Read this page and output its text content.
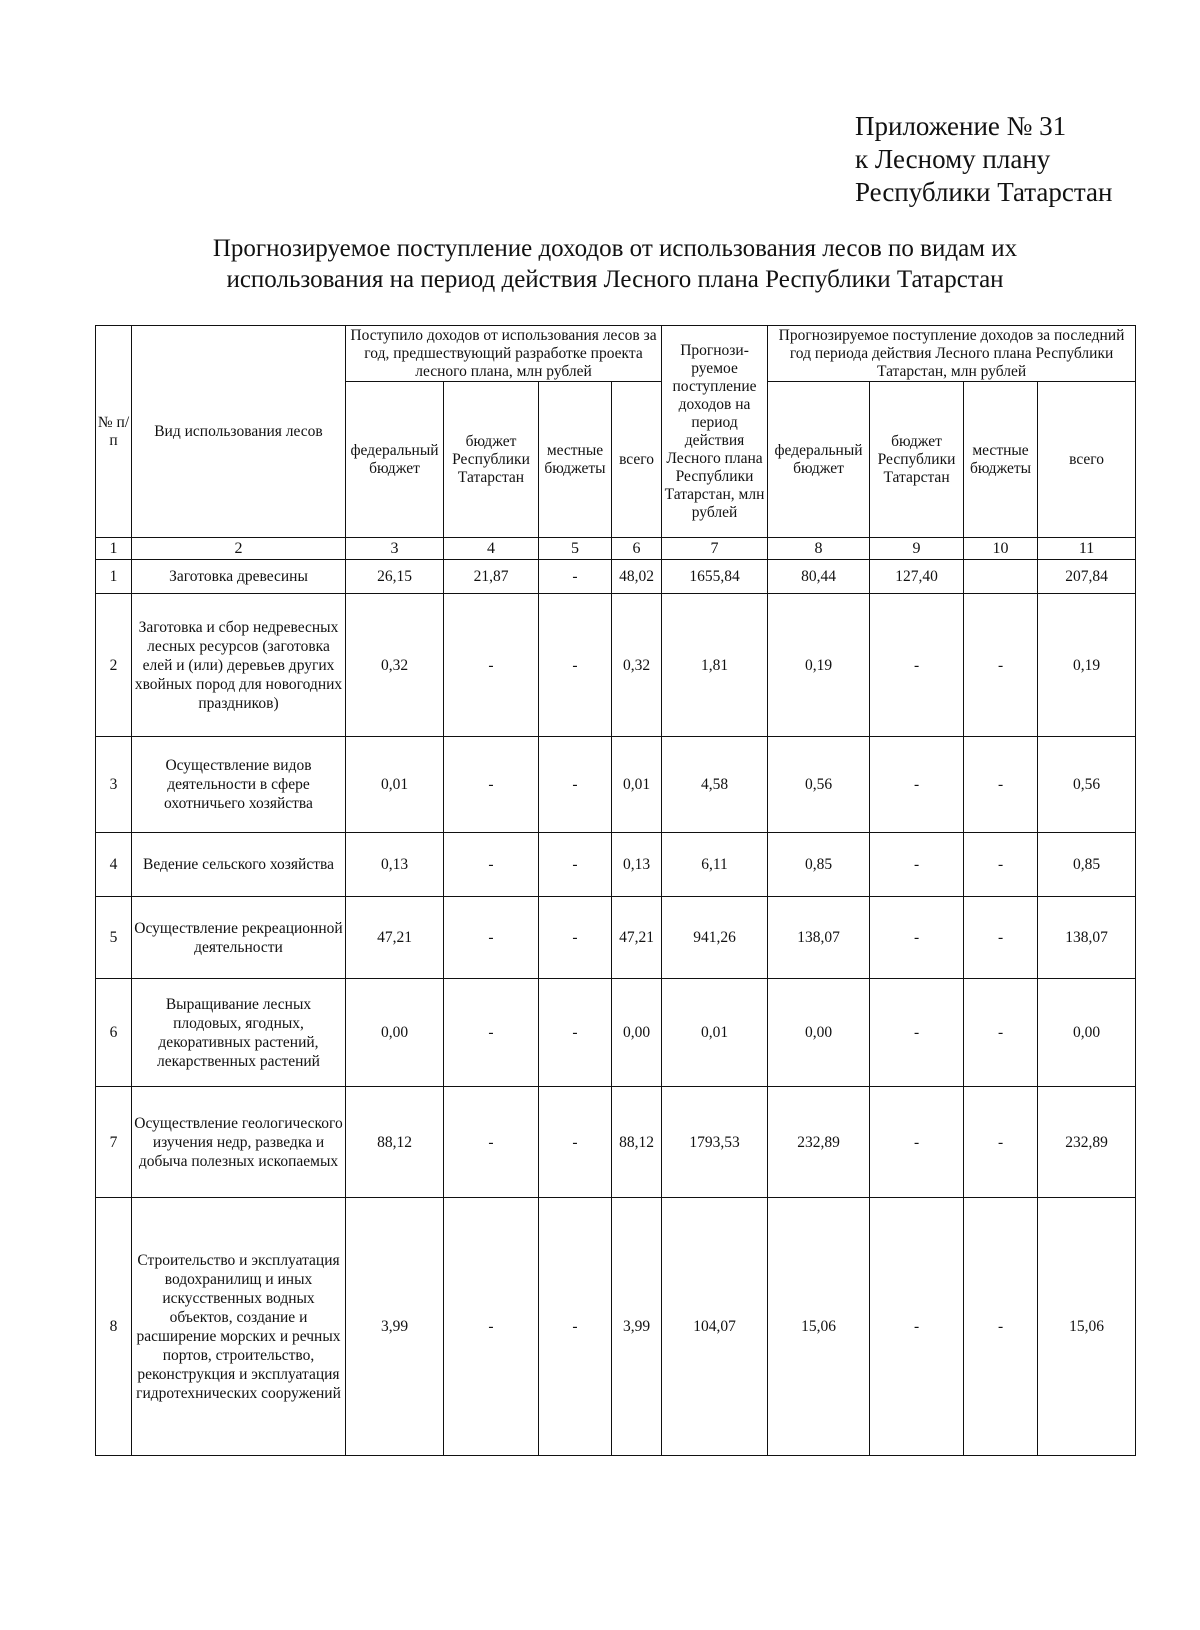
Приложение № 31
к Лесному плану
Республики Татарстан
Прогнозируемое поступление доходов от использования лесов по видам их
использования на период действия Лесного плана Республики Татарстан
№ п/п	Вид использования лесов	Поступило доходов от использования лесов за год, предшествующий разработке проекта лесного плана, млн рублей				Прогнози-руемое поступление доходов на период действия Лесного плана Республики Татарстан, млн рублей	Прогнозируемое поступление доходов за последний год периода действия Лесного плана Республики Татарстан, млн рублей			
		федеральный бюджет	бюджет Республики Татарстан	местные бюджеты	всего		федеральный бюджет	бюджет Республики Татарстан	местные бюджеты	всего
1	2	3	4	5	6	7	8	9	10	11
1	Заготовка древесины	26,15	21,87	-	48,02	1655,84	80,44	127,40		207,84
2	Заготовка и сбор недревесных лесных ресурсов (заготовка елей и (или) деревьев других хвойных пород для новогодних праздников)	0,32	-	-	0,32	1,81	0,19	-	-	0,19
3	Осуществление видов деятельности в сфере охотничьего хозяйства	0,01	-	-	0,01	4,58	0,56	-	-	0,56
4	Ведение сельского хозяйства	0,13	-	-	0,13	6,11	0,85	-	-	0,85
5	Осуществление рекреационной деятельности	47,21	-	-	47,21	941,26	138,07	-	-	138,07
6	Выращивание лесных плодовых, ягодных, декоративных растений, лекарственных растений	0,00	-	-	0,00	0,01	0,00	-	-	0,00
7	Осуществление геологического изучения недр, разведка и добыча полезных ископаемых	88,12	-	-	88,12	1793,53	232,89	-	-	232,89
8	Строительство и эксплуатация водохранилищ и иных искусственных водных объектов, создание и расширение морских и речных портов, строительство, реконструкция и эксплуатация гидротехнических сооружений	3,99	-	-	3,99	104,07	15,06	-	-	15,06
